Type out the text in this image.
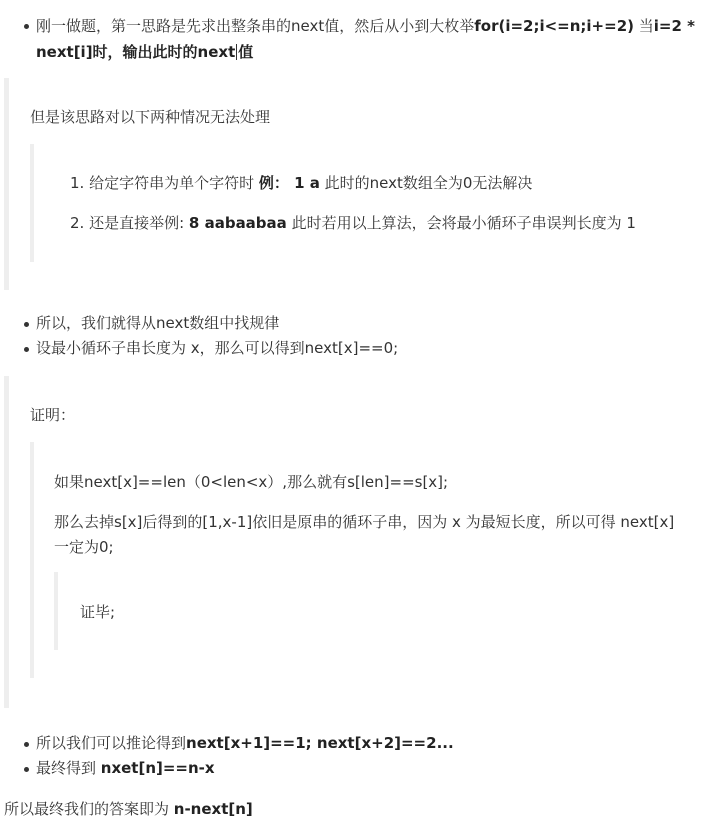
刚一做题，第一思路是先求出整条串的next值，然后从小到大枚举for(i=2;i<=n;i+=2) 当i=2 *
next[i]时，输出此时的next 值
但是该思路对以下两种情况无法处理
1. 给定字符串为单个字符时 例： 1 a 此时的next数组全为0无法解决
2. 还是直接举例: 8 aabaabaa 此时若用以上算法，会将最小循环子串误判长度为 1
所以，我们就得从next数组中找规律
设最小循环子串长度为 x，那么可以得到next[x]==0;
证明：
如果next[x]==len（0<len<x）,那么就有s[len]==s[x];
那么去掉s[x]后得到的[1,x-1]依旧是原串的循环子串，因为 x 为最短长度，所以可得 next[x]
一定为0;
证毕;
所以我们可以推论得到next[x+1]==1; next[x+2]==2...
最终得到 nxet[n]==n-x
所以最终我们的答案即为 n-next[n]
